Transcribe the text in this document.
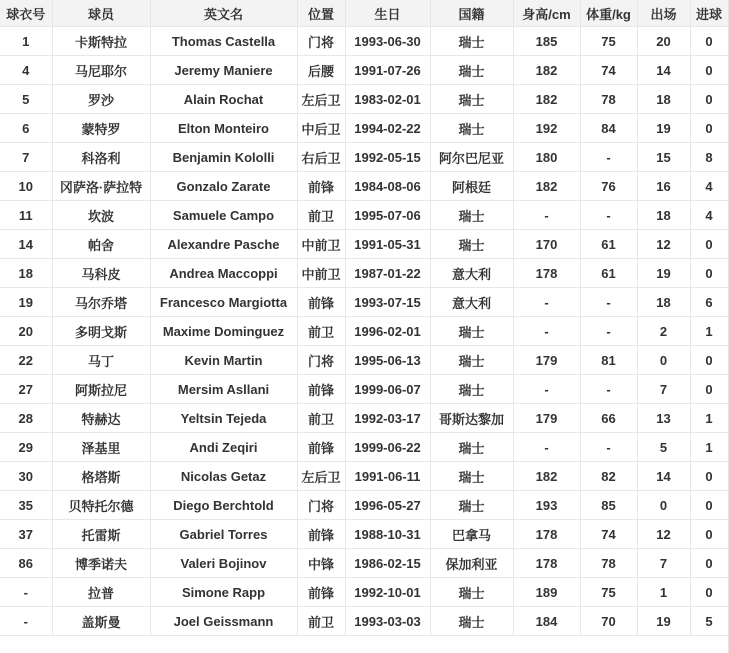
球衣号	球员	英文名	位置	生日	国籍	身高/cm	体重/kg	出场	进球
1	卡斯特拉	Thomas Castella	门将	1993-06-30	瑞士	185	75	20	0
4	马尼耶尔	Jeremy Maniere	后腰	1991-07-26	瑞士	182	74	14	0
5	罗沙	Alain Rochat	左后卫	1983-02-01	瑞士	182	78	18	0
6	蒙特罗	Elton Monteiro	中后卫	1994-02-22	瑞士	192	84	19	0
7	科洛利	Benjamin Kololli	右后卫	1992-05-15	阿尔巴尼亚	180	-	15	8
10	冈萨洛·萨拉特	Gonzalo Zarate	前锋	1984-08-06	阿根廷	182	76	16	4
11	坎波	Samuele Campo	前卫	1995-07-06	瑞士	-	-	18	4
14	帕舍	Alexandre Pasche	中前卫	1991-05-31	瑞士	170	61	12	0
18	马科皮	Andrea Maccoppi	中前卫	1987-01-22	意大利	178	61	19	0
19	马尔乔塔	Francesco Margiotta	前锋	1993-07-15	意大利	-	-	18	6
20	多明戈斯	Maxime Dominguez	前卫	1996-02-01	瑞士	-	-	2	1
22	马丁	Kevin Martin	门将	1995-06-13	瑞士	179	81	0	0
27	阿斯拉尼	Mersim Asllani	前锋	1999-06-07	瑞士	-	-	7	0
28	特赫达	Yeltsin Tejeda	前卫	1992-03-17	哥斯达黎加	179	66	13	1
29	泽基里	Andi Zeqiri	前锋	1999-06-22	瑞士	-	-	5	1
30	格塔斯	Nicolas Getaz	左后卫	1991-06-11	瑞士	182	82	14	0
35	贝特托尔德	Diego Berchtold	门将	1996-05-27	瑞士	193	85	0	0
37	托雷斯	Gabriel Torres	前锋	1988-10-31	巴拿马	178	74	12	0
86	博季诺夫	Valeri Bojinov	中锋	1986-02-15	保加利亚	178	78	7	0
-	拉普	Simone Rapp	前锋	1992-10-01	瑞士	189	75	1	0
-	盖斯曼	Joel Geissmann	前卫	1993-03-03	瑞士	184	70	19	5
